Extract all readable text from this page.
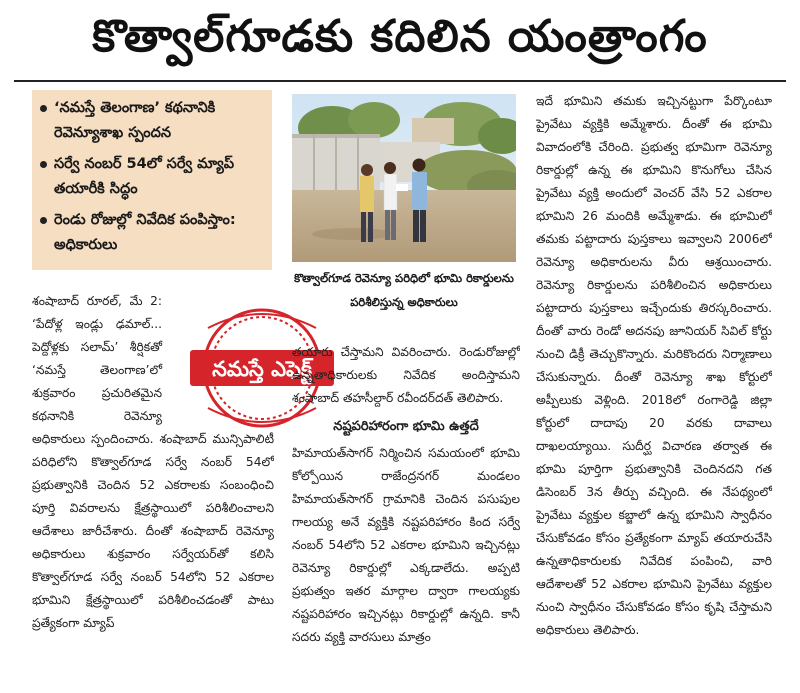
కొత్వాల్‌గూడకు కదిలిన యంత్రాంగం
‘నమస్తే తెలంగాణ’ కథనానికి రెవెన్యూశాఖ స్పందన
సర్వే నంబర్‌ 54లో సర్వే మ్యాప్‌ తయారీకి సిద్ధం
రెండు రోజుల్లో నివేదిక పంపిస్తాం: అధికారులు
కొత్వాల్‌గూడ రెవెన్యూ పరిధిలో భూమి రికార్డులను పరిశీలిస్తున్న అధికారులు

శంషాబాద్‌ రూరల్‌, మే 2: ‘పేదోళ్ల ఇండ్లు ఢమాల్‌... పెద్దోళ్లకు సలామ్‌’ శీర్షికతో ‘నమస్తే తెలంగాణ’లో శుక్రవారం ప్రచురితమైన కథనానికి రెవెన్యూ అధికారులు స్పందించారు. శంషాబాద్‌ మున్సిపాలిటీ పరిధిలోని కొత్వాల్‌గూడ సర్వే నంబర్‌ 54లో ప్రభుత్వానికి చెందిన 52 ఎకరాలకు సంబంధించి పూర్తి వివరాలను క్షేత్రస్థాయిలో పరిశీలించాలని ఆదేశాలు జారీచేశారు. దీంతో శంషాబాద్‌ రెవెన్యూ అధికారులు శుక్రవారం సర్వేయర్‌తో కలిసి కొత్వాల్‌గూడ సర్వే నంబర్‌ 54లోని 52 ఎకరాల భూమిని క్షేత్రస్థాయిలో పరిశీలించడంతో పాటు ప్రత్యేకంగా మ్యాప్‌

నమస్తే ఎఫెక్ట్‌

తయారు చేస్తామని వివరించారు. రెండురోజుల్లో ఉన్నతాధికారులకు నివేదిక అందిస్తామని శంషాబాద్‌ తహసీల్దార్‌ రవీందర్‌దత్‌ తెలిపారు.

నష్టపరిహారంగా భూమి ఉత్తదే

హిమాయత్‌సాగర్‌ నిర్మించిన సమయంలో భూమి కోల్పోయిన రాజేంద్రనగర్‌ మండలం హిమాయత్‌సాగర్‌ గ్రామానికి చెందిన పసుపుల గాలయ్య అనే వ్యక్తికి నష్టపరిహారం కింద సర్వే నంబర్‌ 54లోని 52 ఎకరాల భూమిని ఇచ్చినట్లు రెవెన్యూ రికార్డుల్లో ఎక్కడాలేదు. అప్పటి ప్రభుత్వం ఇతర మార్గాల ద్వారా గాలయ్యకు నష్టపరిహారం ఇచ్చినట్లు రికార్డుల్లో ఉన్నది. కానీ సదరు వ్యక్తి వారసులు మాత్రం

ఇదే భూమిని తమకు ఇచ్చినట్టుగా పేర్కొంటూ ప్రైవేటు వ్యక్తికి అమ్మేశారు. దీంతో ఈ భూమి వివాదంలోకి చేరింది. ప్రభుత్వ భూమిగా రెవెన్యూ రికార్డుల్లో ఉన్న ఈ భూమిని కొనుగోలు చేసిన ప్రైవేటు వ్యక్తి అందులో వెంచర్‌ వేసి 52 ఎకరాల భూమిని 26 మందికి అమ్మేశాడు. ఈ భూమిలో తమకు పట్టాదారు పుస్తకాలు ఇవ్వాలని 2006లో రెవెన్యూ అధికారులను వీరు ఆశ్రయించారు. రెవెన్యూ రికార్డులను పరిశీలించిన అధికారులు పట్టాదారు పుస్తకాలు ఇచ్చేందుకు తిరస్కరించారు. దీంతో వారు రెండో అదనపు జూనియర్‌ సివిల్‌ కోర్టు నుంచి డిక్రీ తెచ్చుకొన్నారు. మరికొందరు నిర్మాణాలు చేసుకున్నారు. దీంతో రెవెన్యూ శాఖ కోర్టులో అప్పీలుకు వెళ్లింది. 2018లో రంగారెడ్డి జిల్లా కోర్టులో దాదాపు 20 వరకు దావాలు దాఖలయ్యాయి. సుదీర్ఘ విచారణ తర్వాత ఈ భూమి పూర్తిగా ప్రభుత్వానికి చెందినదని గత డిసెంబర్‌ 3న తీర్పు వచ్చింది. ఈ నేపథ్యంలో ప్రైవేటు వ్యక్తుల కబ్జాలో ఉన్న భూమిని స్వాధీనం చేసుకోవడం కోసం ప్రత్యేకంగా మ్యాప్‌ తయారుచేసి ఉన్నతాధికారులకు నివేదిక పంపించి, వారి ఆదేశాలతో 52 ఎకరాల భూమిని ప్రైవేటు వ్యక్తుల నుంచి స్వాధీనం చేసుకోవడం కోసం కృషి చేస్తామని అధికారులు తెలిపారు.
